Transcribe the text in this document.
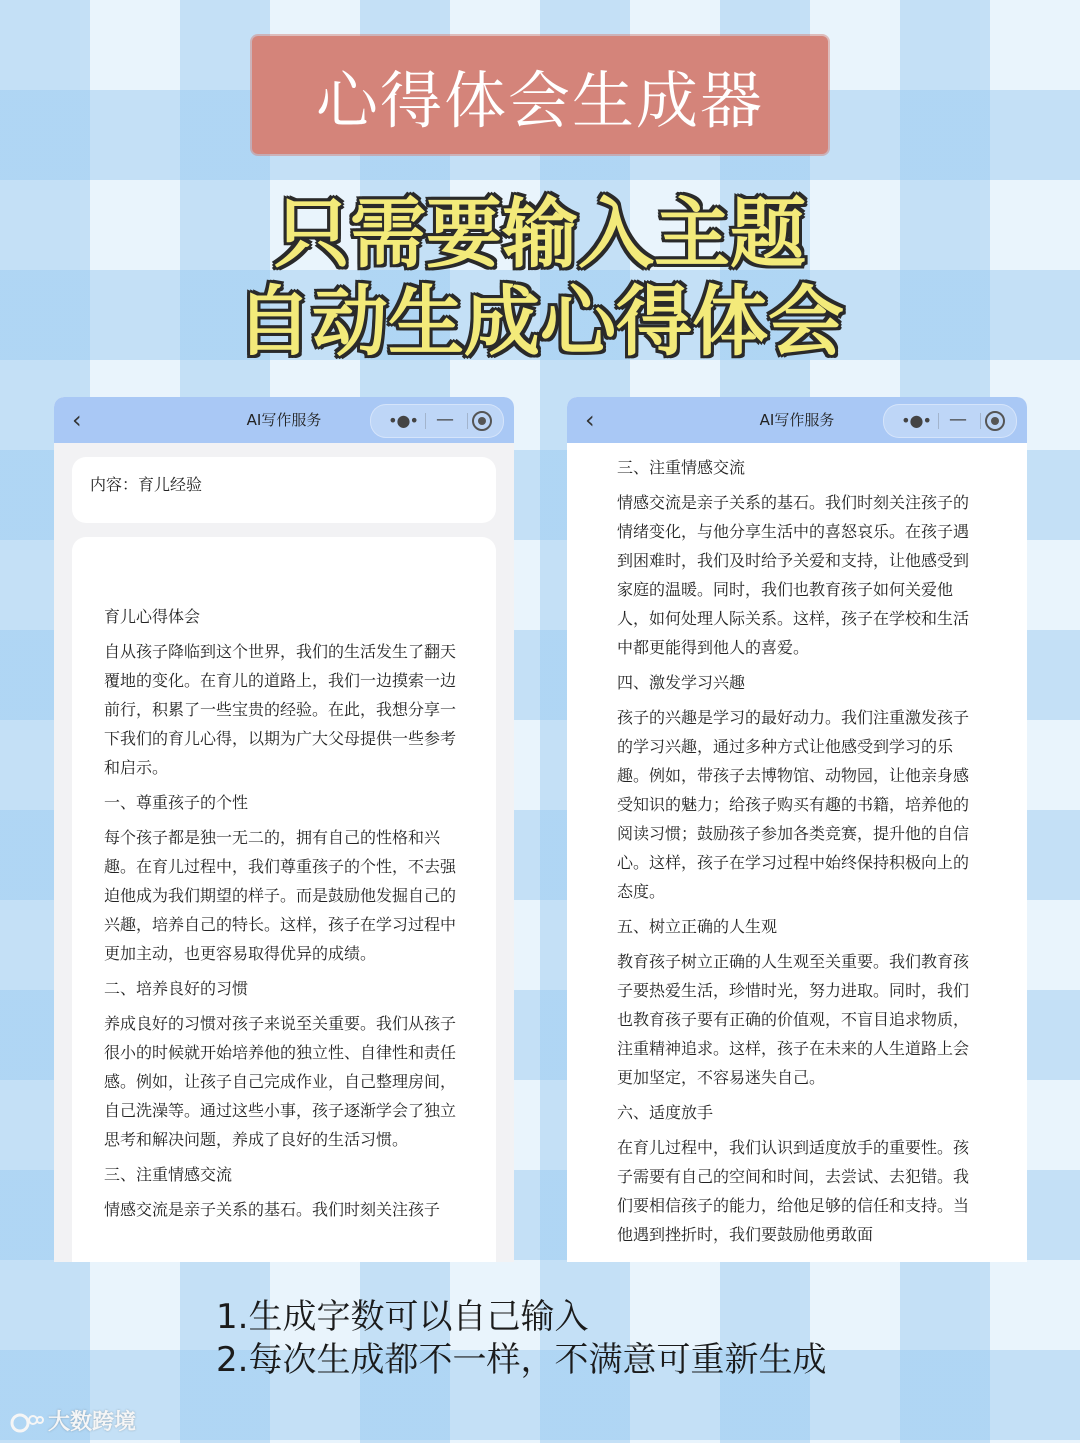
心得体会生成器
只需要输入主题
自动生成心得体会
内容：育儿经验

育儿心得体会

自从孩子降临到这个世界，我们的生活发生了翻天覆地的变化。在育儿的道路上，我们一边摸索一边前行，积累了一些宝贵的经验。在此，我想分享一下我们的育儿心得，以期为广大父母提供一些参考和启示。

一、尊重孩子的个性

每个孩子都是独一无二的，拥有自己的性格和兴趣。在育儿过程中，我们尊重孩子的个性，不去强迫他成为我们期望的样子。而是鼓励他发掘自己的兴趣，培养自己的特长。这样，孩子在学习过程中更加主动，也更容易取得优异的成绩。

二、培养良好的习惯

养成良好的习惯对孩子来说至关重要。我们从孩子很小的时候就开始培养他的独立性、自律性和责任感。例如，让孩子自己完成作业，自己整理房间，自己洗澡等。通过这些小事，孩子逐渐学会了独立思考和解决问题，养成了良好的生活习惯。

三、注重情感交流

情感交流是亲子关系的基石。我们时刻关注孩子

‹	AI写作服务	•●•	—

三、注重情感交流

情感交流是亲子关系的基石。我们时刻关注孩子的情绪变化，与他分享生活中的喜怒哀乐。在孩子遇到困难时，我们及时给予关爱和支持，让他感受到家庭的温暖。同时，我们也教育孩子如何关爱他人，如何处理人际关系。这样，孩子在学校和生活中都更能得到他人的喜爱。

四、激发学习兴趣

孩子的兴趣是学习的最好动力。我们注重激发孩子的学习兴趣，通过多种方式让他感受到学习的乐趣。例如，带孩子去博物馆、动物园，让他亲身感受知识的魅力；给孩子购买有趣的书籍，培养他的阅读习惯；鼓励孩子参加各类竞赛，提升他的自信心。这样，孩子在学习过程中始终保持积极向上的态度。

五、树立正确的人生观

教育孩子树立正确的人生观至关重要。我们教育孩子要热爱生活，珍惜时光，努力进取。同时，我们也教育孩子要有正确的价值观，不盲目追求物质，注重精神追求。这样，孩子在未来的人生道路上会更加坚定，不容易迷失自己。

六、适度放手

在育儿过程中，我们认识到适度放手的重要性。孩子需要有自己的空间和时间，去尝试、去犯错。我们要相信孩子的能力，给他足够的信任和支持。当他遇到挫折时，我们要鼓励他勇敢面

‹	AI写作服务	•●•	—
1.生成字数可以自己输入
2.每次生成都不一样，不满意可重新生成
大数跨境
